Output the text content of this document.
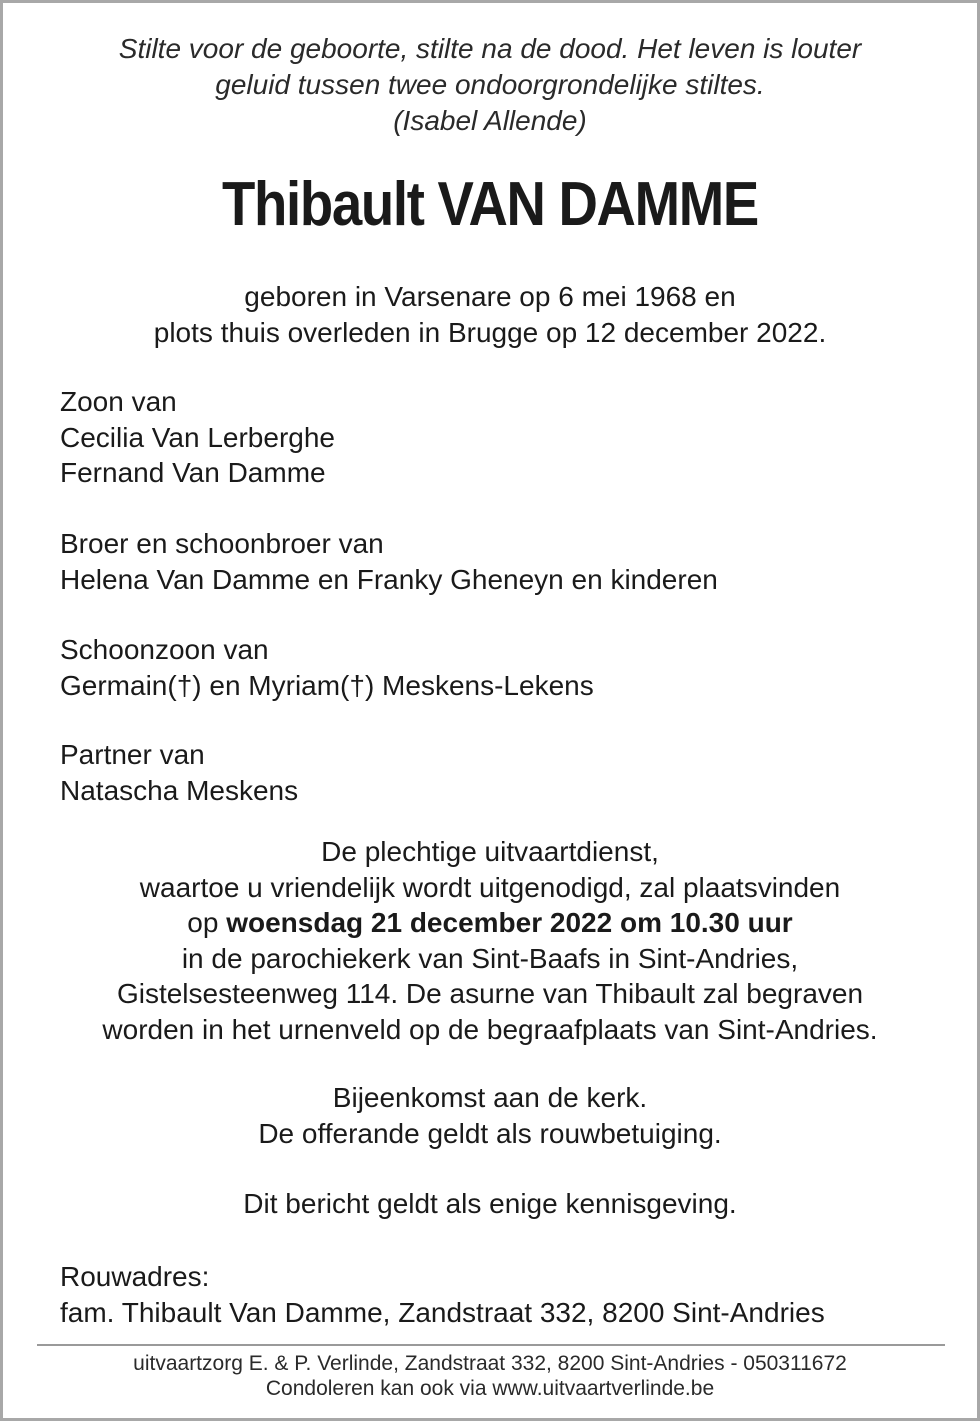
Stilte voor de geboorte, stilte na de dood. Het leven is louter
geluid tussen twee ondoorgrondelijke stiltes.
(Isabel Allende)
Thibault VAN DAMME
geboren in Varsenare op 6 mei 1968 en
plots thuis overleden in Brugge op 12 december 2022.
Zoon van
Cecilia Van Lerberghe
Fernand Van Damme
Broer en schoonbroer van
Helena Van Damme en Franky Gheneyn en kinderen
Schoonzoon van
Germain(†) en Myriam(†) Meskens-Lekens
Partner van
Natascha Meskens
De plechtige uitvaartdienst,
waartoe u vriendelijk wordt uitgenodigd, zal plaatsvinden
op woensdag 21 december 2022 om 10.30 uur
in de parochiekerk van Sint-Baafs in Sint-Andries,
Gistelsesteenweg 114. De asurne van Thibault zal begraven
worden in het urnenveld op de begraafplaats van Sint-Andries.
Bijeenkomst aan de kerk.
De offerande geldt als rouwbetuiging.
Dit bericht geldt als enige kennisgeving.
Rouwadres:
fam. Thibault Van Damme, Zandstraat 332, 8200 Sint-Andries
uitvaartzorg E. & P. Verlinde, Zandstraat 332, 8200 Sint-Andries - 050311672
Condoleren kan ook via www.uitvaartverlinde.be
